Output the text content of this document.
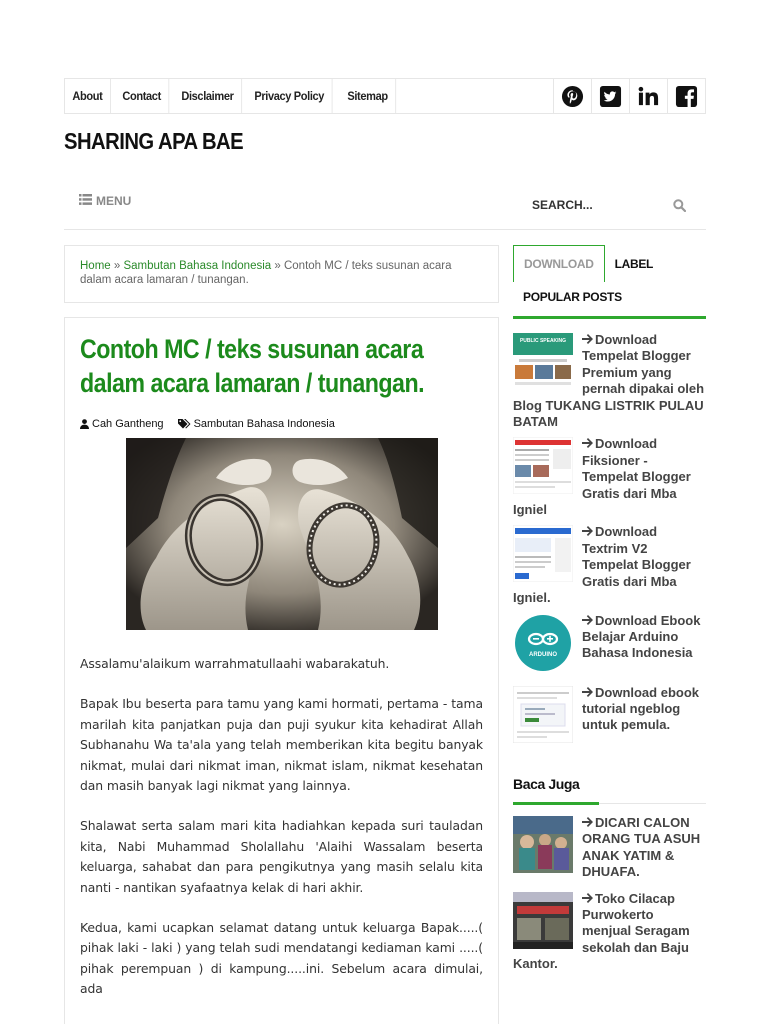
About	Contact	Disclaimer	Privacy Policy	Sitemap
SHARING APA BAE
MENU
SEARCH...
Home » Sambutan Bahasa Indonesia » Contoh MC / teks susunan acara dalam acara lamaran / tunangan.
Contoh MC / teks susunan acara dalam acara lamaran / tunangan.
Cah Gantheng	Sambutan Bahasa Indonesia

Assalamu'alaikum warrahmatullaahi wabarakatuh.

Bapak Ibu beserta para tamu yang kami hormati, pertama - tama marilah kita panjatkan puja dan puji syukur kita kehadirat Allah Subhanahu Wa ta'ala yang telah memberikan kita begitu banyak nikmat, mulai dari nikmat iman, nikmat islam, nikmat kesehatan dan masih banyak lagi nikmat yang lainnya.

Shalawat serta salam mari kita hadiahkan kepada suri tauladan kita, Nabi Muhammad Sholallahu 'Alaihi Wassalam beserta keluarga, sahabat dan para pengikutnya yang masih selalu kita nanti - nantikan syafaatnya kelak di hari akhir.

Kedua, kami ucapkan selamat datang untuk keluarga Bapak.....( pihak laki - laki ) yang telah sudi mendatangi kediaman kami .....( pihak perempuan ) di kampung.....ini. Sebelum acara dimulai, ada

DOWNLOAD	LABEL
POPULAR POSTS
PUBLIC SPEAKING Download Tempelat Blogger Premium yang pernah dipakai oleh Blog TUKANG LISTRIK PULAU BATAM
Download Fiksioner - Tempelat Blogger Gratis dari Mba Igniel
Download Textrim V2 Tempelat Blogger Gratis dari Mba Igniel.
ARDUINO
Download Ebook Belajar Arduino Bahasa Indonesia
Download ebook tutorial ngeblog untuk pemula.
Baca Juga
DICARI CALON ORANG TUA ASUH ANAK YATIM & DHUAFA.
Toko Cilacap Purwokerto menjual Seragam sekolah dan Baju Kantor.
